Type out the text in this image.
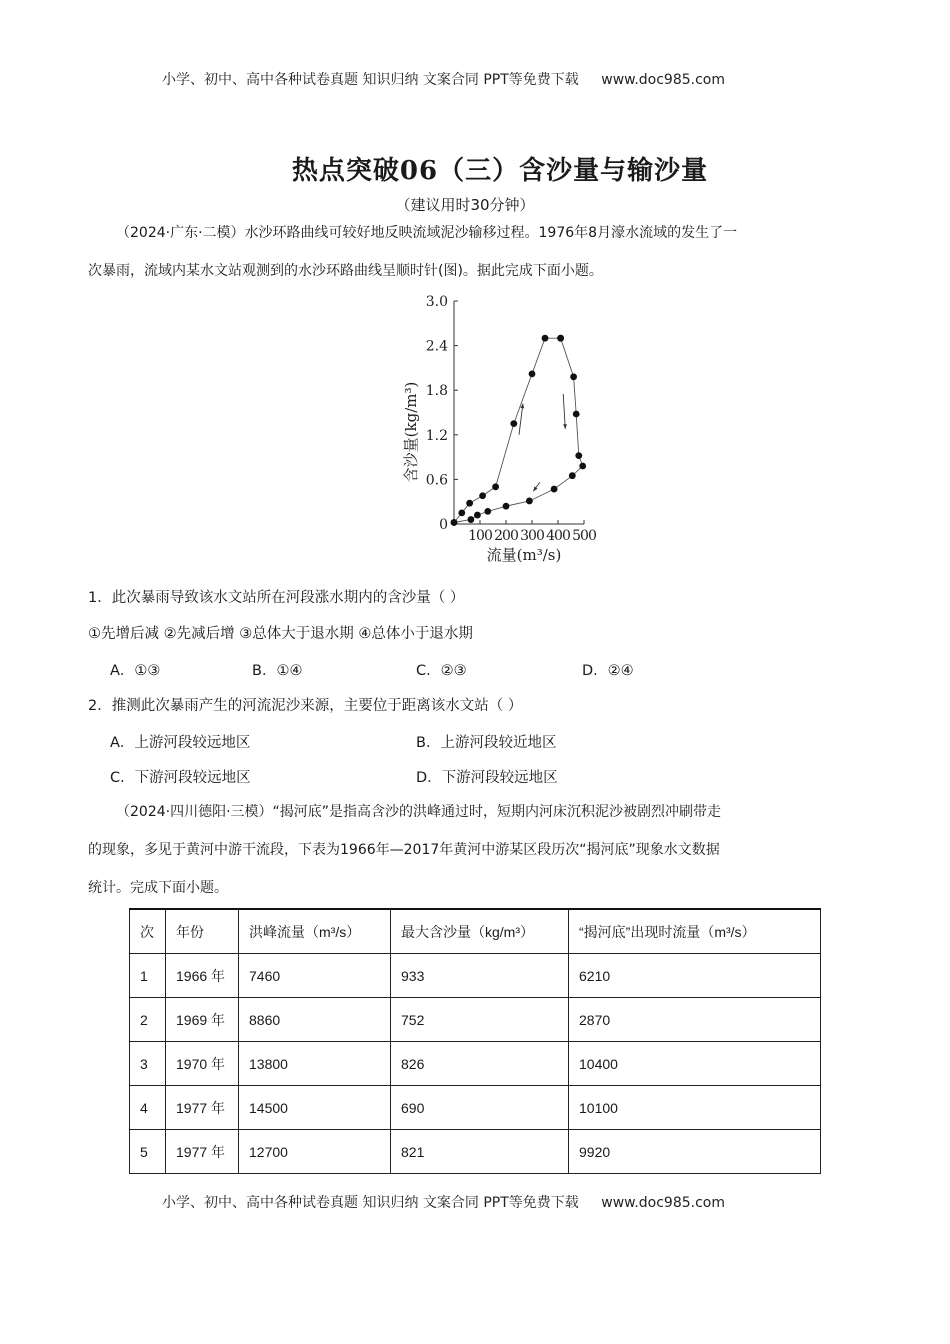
小学、初中、高中各种试卷真题 知识归纳 文案合同 PPT等免费下载 www.doc985.com
热点突破06（三）含沙量与输沙量
（建议用时30分钟）
（2024·广东·二模）水沙环路曲线可较好地反映流域泥沙输移过程。1976年8月濠水流域的发生了一
次暴雨，流域内某水文站观测到的水沙环路曲线呈顺时针(图)。据此完成下面小题。
0
0.6
1.2
1.8
2.4
3.0
100 200 300 400 500
流量(m³/s)
含沙量(kg/m³)
1．此次暴雨导致该水文站所在河段涨水期内的含沙量（ ）
①先增后减 ②先减后增 ③总体大于退水期 ④总体小于退水期
A．①③	B．①④	C．②③	D．②④
2．推测此次暴雨产生的河流泥沙来源，主要位于距离该水文站（ ）
A．上游河段较远地区	B．上游河段较近地区
C．下游河段较远地区	D．下游河段较远地区
（2024·四川德阳·三模）“揭河底”是指高含沙的洪峰通过时，短期内河床沉积泥沙被剧烈冲刷带走
的现象，多见于黄河中游干流段，下表为1966年—2017年黄河中游某区段历次“揭河底”现象水文数据
统计。完成下面小题。
次	年份	洪峰流量（m³/s）	最大含沙量（kg/m³）	“揭河底”出现时流量（m³/s）
1	1966 年	7460	933	6210
2	1969 年	8860	752	2870
3	1970 年	13800	826	10400
4	1977 年	14500	690	10100
5	1977 年	12700	821	9920
小学、初中、高中各种试卷真题 知识归纳 文案合同 PPT等免费下载 www.doc985.com
